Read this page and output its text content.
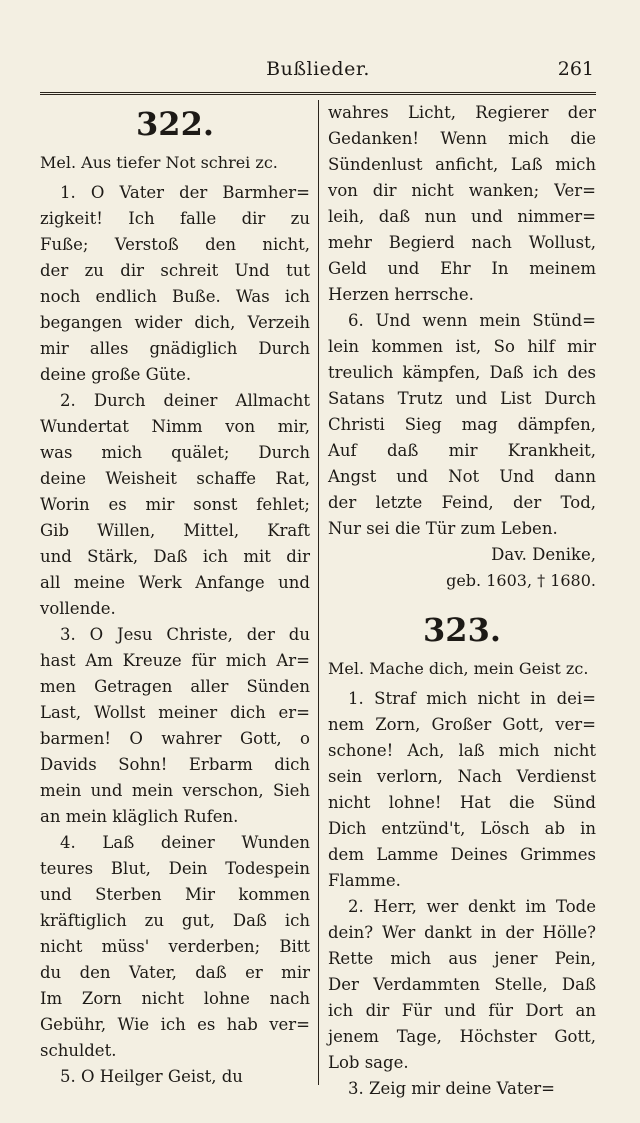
Bußlieder.	261
322.
Mel. Aus tiefer Not schrei zc.
1. O Vater der Barmher=
zigkeit! Ich falle dir zu
Fuße; Verstoß den nicht,
der zu dir schreit Und tut
noch endlich Buße. Was ich
begangen wider dich, Verzeih
mir alles gnädiglich Durch
deine große Güte.
2. Durch deiner Allmacht
Wundertat Nimm von mir,
was mich quälet; Durch
deine Weisheit schaffe Rat,
Worin es mir sonst fehlet;
Gib Willen, Mittel, Kraft
und Stärk, Daß ich mit dir
all meine Werk Anfange und
vollende.
3. O Jesu Christe, der du
hast Am Kreuze für mich Ar=
men Getragen aller Sünden
Last, Wollst meiner dich er=
barmen! O wahrer Gott, o
Davids Sohn! Erbarm dich
mein und mein verschon, Sieh
an mein kläglich Rufen.
4. Laß deiner Wunden
teures Blut, Dein Todespein
und Sterben Mir kommen
kräftiglich zu gut, Daß ich
nicht müss' verderben; Bitt
du den Vater, daß er mir
Im Zorn nicht lohne nach
Gebühr, Wie ich es hab ver=
schuldet.
5. O Heilger Geist, du
wahres Licht, Regierer der
Gedanken! Wenn mich die
Sündenlust anficht, Laß mich
von dir nicht wanken; Ver=
leih, daß nun und nimmer=
mehr Begierd nach Wollust,
Geld und Ehr In meinem
Herzen herrsche.
6. Und wenn mein Stünd=
lein kommen ist, So hilf mir
treulich kämpfen, Daß ich des
Satans Trutz und List Durch
Christi Sieg mag dämpfen,
Auf daß mir Krankheit,
Angst und Not Und dann
der letzte Feind, der Tod,
Nur sei die Tür zum Leben.
Dav. Denike,
geb. 1603, † 1680.
323.
Mel. Mache dich, mein Geist zc.
1. Straf mich nicht in dei=
nem Zorn, Großer Gott, ver=
schone! Ach, laß mich nicht
sein verlorn, Nach Verdienst
nicht lohne! Hat die Sünd
Dich entzünd't, Lösch ab in
dem Lamme Deines Grimmes
Flamme.
2. Herr, wer denkt im Tode
dein? Wer dankt in der Hölle?
Rette mich aus jener Pein,
Der Verdammten Stelle, Daß
ich dir Für und für Dort an
jenem Tage, Höchster Gott,
Lob sage.
3. Zeig mir deine Vater=
